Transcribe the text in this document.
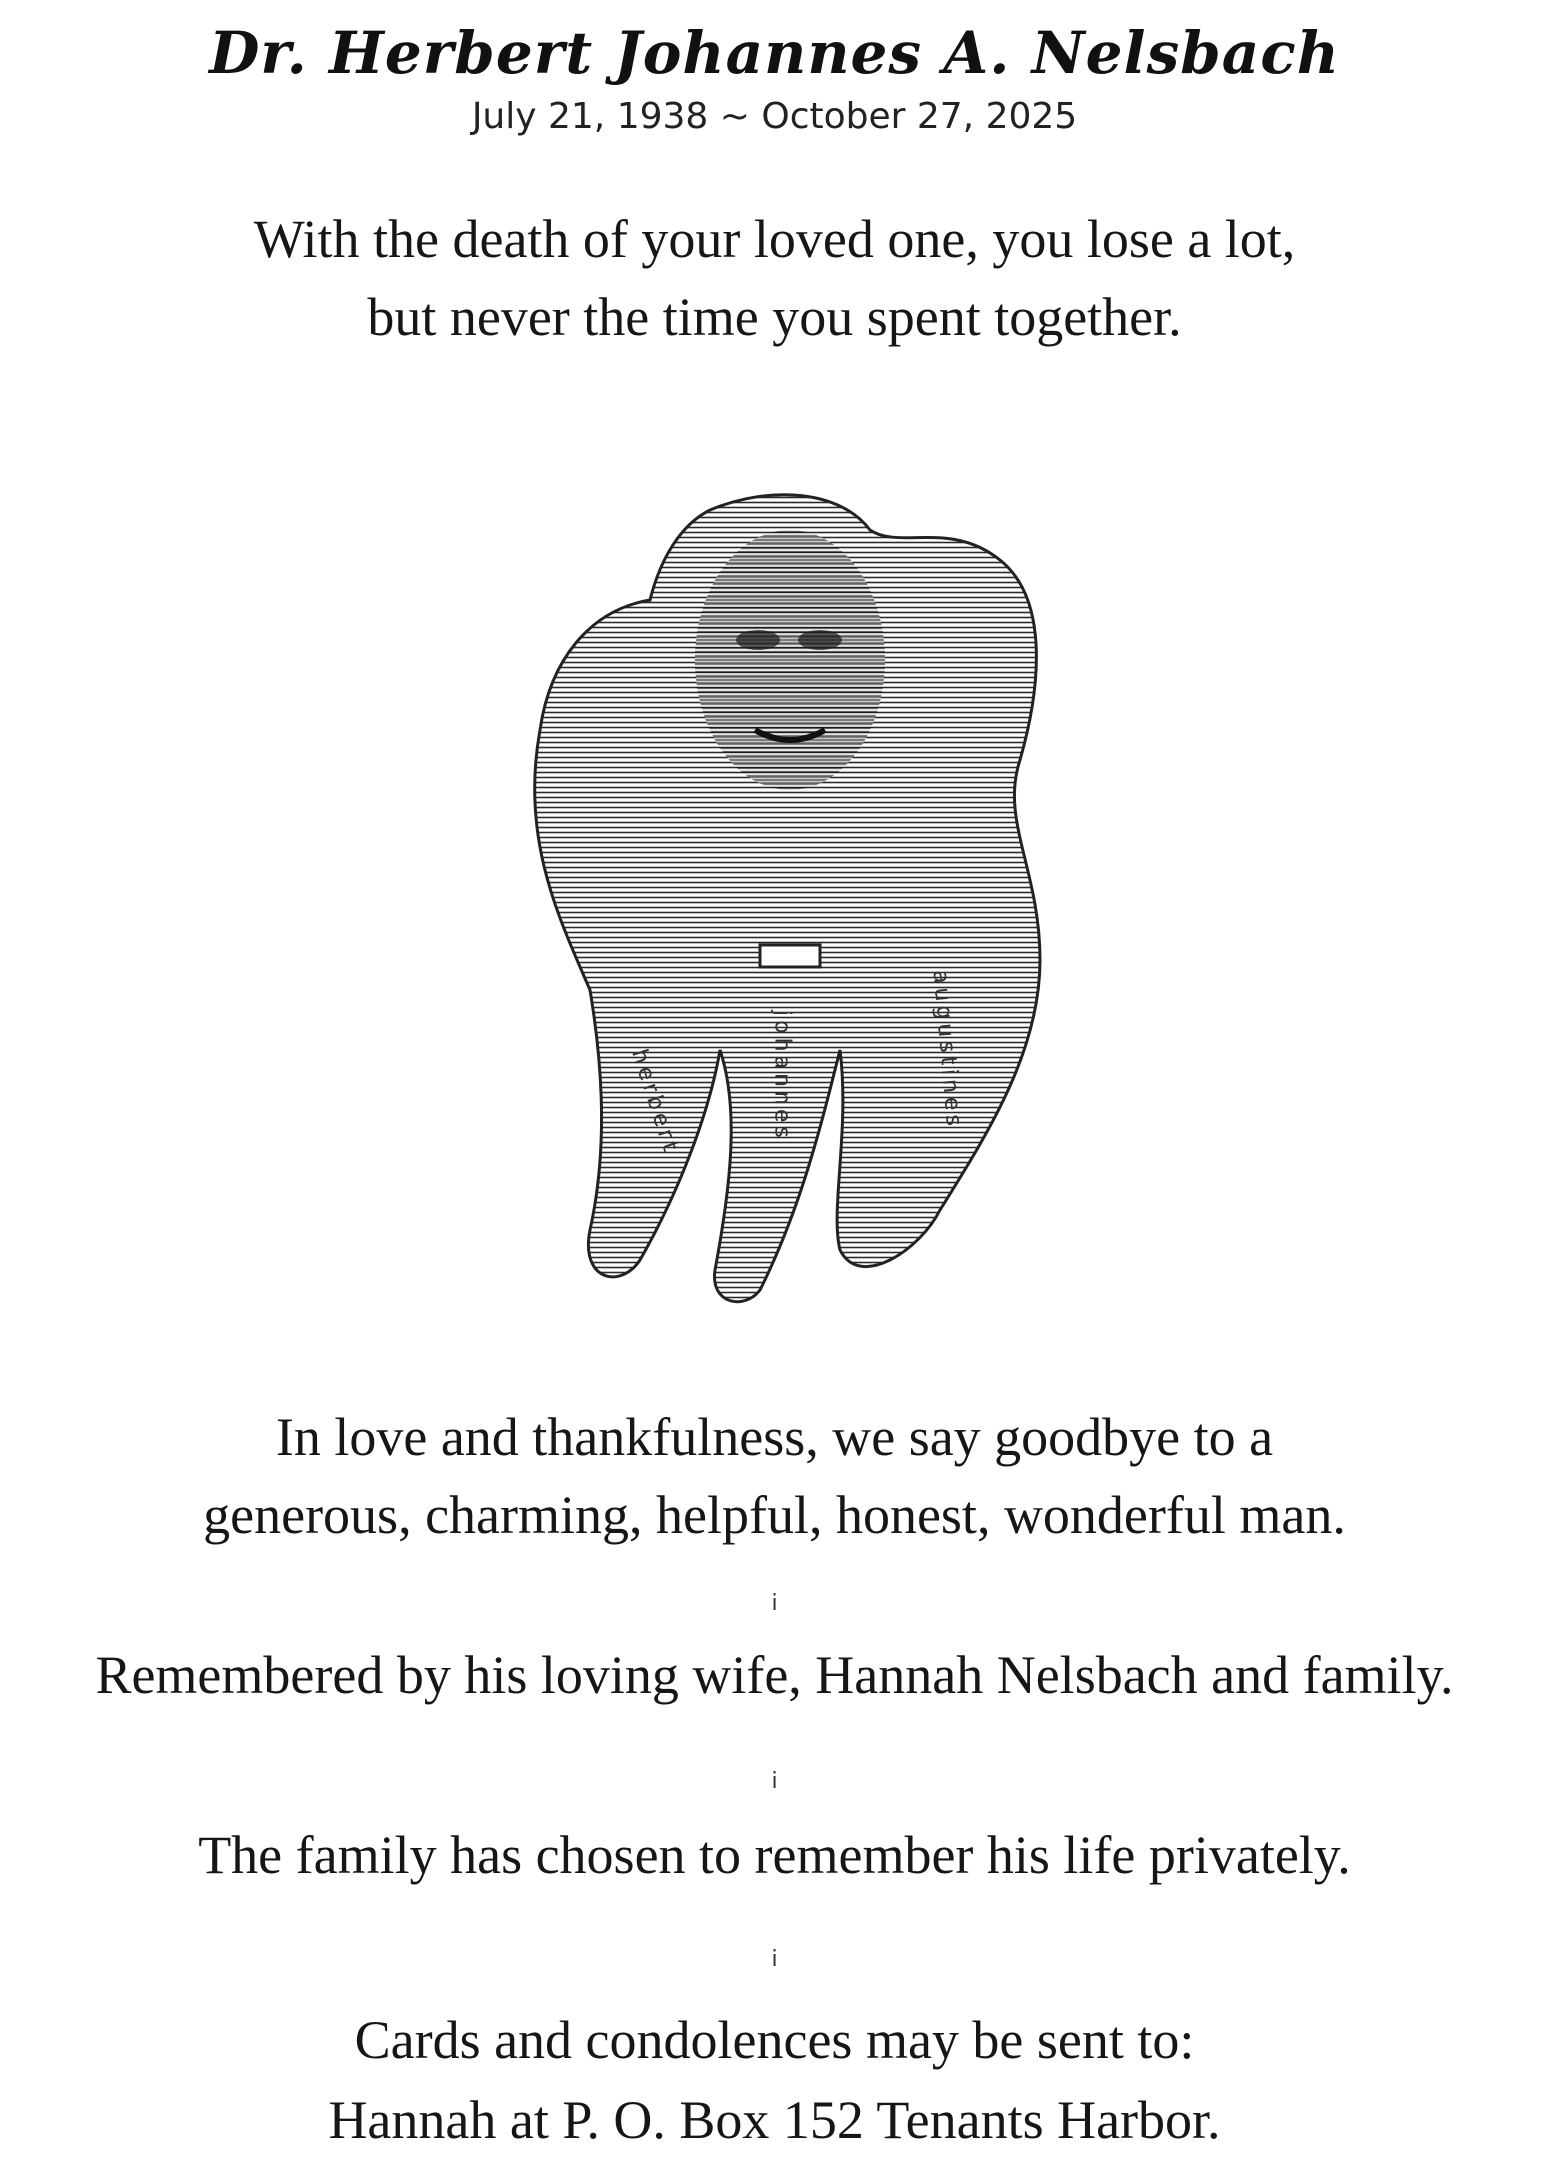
Dr. Herbert Johannes A. Nelsbach
July 21, 1938 ~ October 27, 2025
With the death of your loved one, you lose a lot,
but never the time you spent together.
herbert	johannes	augustines
In love and thankfulness, we say goodbye to a
generous, charming, helpful, honest, wonderful man.
i
Remembered by his loving wife, Hannah Nelsbach and family.
i
The family has chosen to remember his life privately.
i
Cards and condolences may be sent to:
Hannah at P. O. Box 152 Tenants Harbor.
